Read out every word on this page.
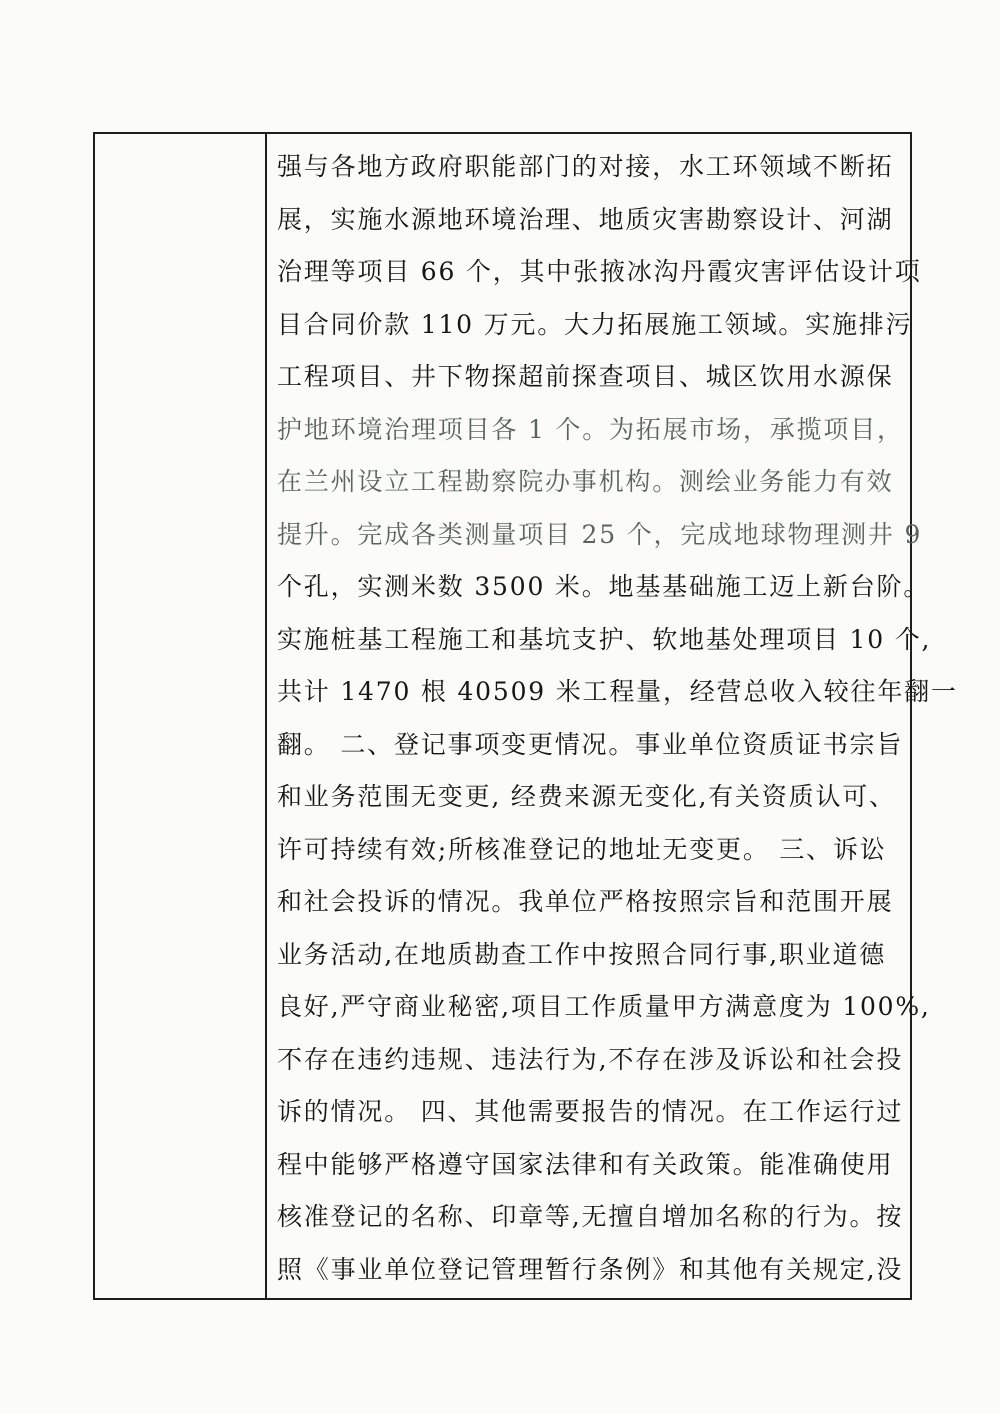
强与各地方政府职能部门的对接，水工环领域不断拓
展，实施水源地环境治理、地质灾害勘察设计、河湖
治理等项目 66 个，其中张掖冰沟丹霞灾害评估设计项
目合同价款 110 万元。大力拓展施工领域。实施排污
工程项目、井下物探超前探查项目、城区饮用水源保
护地环境治理项目各 1 个。为拓展市场，承揽项目，
在兰州设立工程勘察院办事机构。测绘业务能力有效
提升。完成各类测量项目 25 个，完成地球物理测井 9
个孔，实测米数 3500 米。地基基础施工迈上新台阶。
实施桩基工程施工和基坑支护、软地基处理项目 10 个,
共计 1470 根 40509 米工程量，经营总收入较往年翻一
翻。 二、登记事项变更情况。事业单位资质证书宗旨
和业务范围无变更, 经费来源无变化,有关资质认可、
许可持续有效;所核准登记的地址无变更。 三、诉讼
和社会投诉的情况。我单位严格按照宗旨和范围开展
业务活动,在地质勘查工作中按照合同行事,职业道德
良好,严守商业秘密,项目工作质量甲方满意度为 100%,
不存在违约违规、违法行为,不存在涉及诉讼和社会投
诉的情况。 四、其他需要报告的情况。在工作运行过
程中能够严格遵守国家法律和有关政策。能准确使用
核准登记的名称、印章等,无擅自增加名称的行为。按
照《事业单位登记管理暂行条例》和其他有关规定,没
